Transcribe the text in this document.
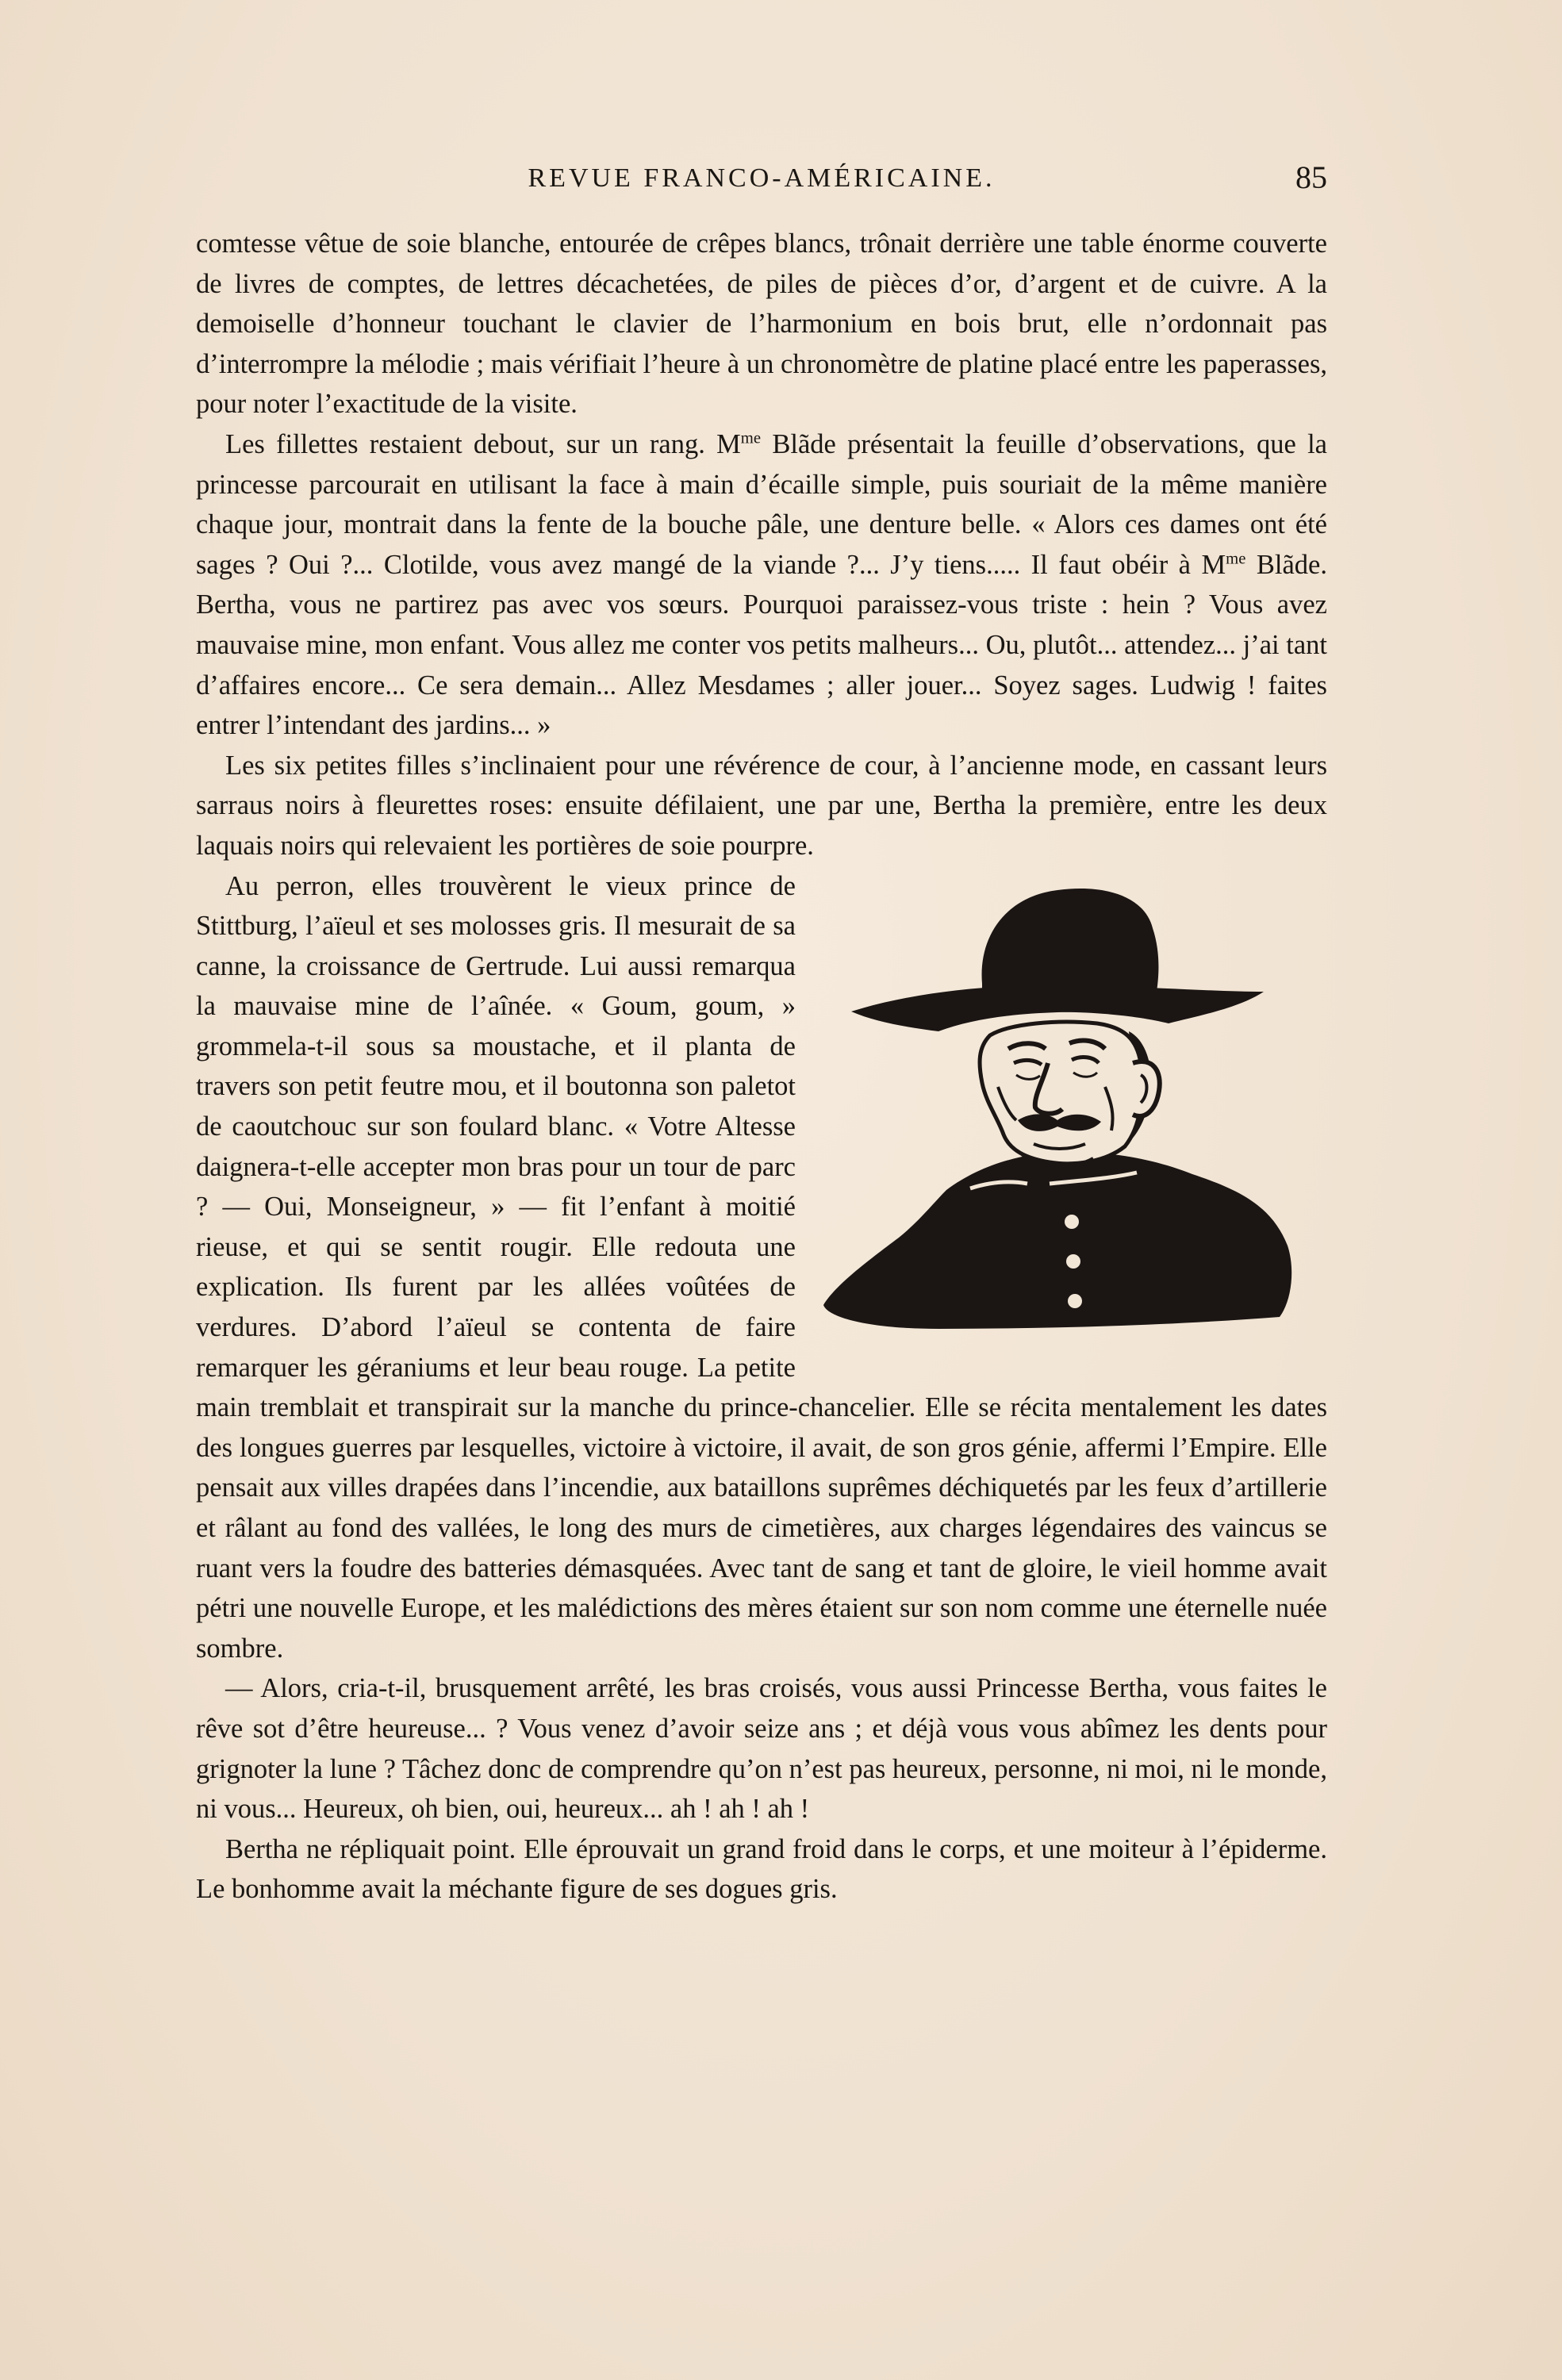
REVUE FRANCO-AMÉRICAINE.	85

comtesse vêtue de soie blanche, entourée de crêpes blancs, trônait derrière une table énorme couverte de livres de comptes, de lettres décachetées, de piles de pièces d’or, d’argent et de cuivre. A la demoiselle d’honneur touchant le clavier de l’harmonium en bois brut, elle n’ordonnait pas d’interrompre la mélodie ; mais vérifiait l’heure à un chronomètre de platine placé entre les paperasses, pour noter l’exactitude de la visite.

Les fillettes restaient debout, sur un rang. $M^{me}$ Blãde présentait la feuille d’observations, que la princesse parcourait en utilisant la face à main d’écaille simple, puis souriait de la même manière chaque jour, montrait dans la fente de la bouche pâle, une denture belle. « Alors ces dames ont été sages ? Oui ?... Clotilde, vous avez mangé de la viande ?... J’y tiens..... Il faut obéir à $M^{me}$ Blãde. Bertha, vous ne partirez pas avec vos sœurs. Pourquoi paraissez-vous triste : hein ? Vous avez mauvaise mine, mon enfant. Vous allez me conter vos petits malheurs... Ou, plutôt... attendez... j’ai tant d’affaires encore... Ce sera demain... Allez Mesdames ; aller jouer... Soyez sages. Ludwig ! faites entrer l’intendant des jardins... »

Les six petites filles s’inclinaient pour une révérence de cour, à l’ancienne mode, en cassant leurs sarraus noirs à fleurettes roses: ensuite défilaient, une par une, Bertha la première, entre les deux laquais noirs qui relevaient les portières de soie pourpre.

Au perron, elles trouvèrent le vieux prince de Stittburg, l’aïeul et ses molosses gris. Il mesurait de sa canne, la croissance de Gertrude. Lui aussi remarqua la mauvaise mine de l’aînée. « Goum, goum, » grommela-t-il sous sa moustache, et il planta de travers son petit feutre mou, et il boutonna son paletot de caoutchouc sur son foulard blanc. « Votre Altesse daignera-t-elle accepter mon bras pour un tour de parc ? — Oui, Monseigneur, » — fit l’enfant à moitié rieuse, et qui se sentit rougir. Elle redouta une explication. Ils furent par les allées voûtées de verdures. D’abord l’aïeul se contenta de faire remarquer les géraniums et leur beau rouge. La petite main tremblait et transpirait sur la manche du prince-chancelier. Elle se récita mentalement les dates des longues guerres par lesquelles, victoire à victoire, il avait, de son gros génie, affermi l’Empire. Elle pensait aux villes drapées dans l’incendie, aux bataillons suprêmes déchiquetés par les feux d’artillerie et râlant au fond des vallées, le long des murs de cimetières, aux charges légendaires des vaincus se ruant vers la foudre des batteries démasquées. Avec tant de sang et tant de gloire, le vieil homme avait pétri une nouvelle Europe, et les malédictions des mères étaient sur son nom comme une éternelle nuée sombre.

— Alors, cria-t-il, brusquement arrêté, les bras croisés, vous aussi Princesse Bertha, vous faites le rêve sot d’être heureuse... ? Vous venez d’avoir seize ans ; et déjà vous vous abîmez les dents pour grignoter la lune ? Tâchez donc de comprendre qu’on n’est pas heureux, personne, ni moi, ni le monde, ni vous... Heureux, oh bien, oui, heureux... ah ! ah ! ah !

Bertha ne répliquait point. Elle éprouvait un grand froid dans le corps, et une moiteur à l’épiderme. Le bonhomme avait la méchante figure de ses dogues gris.
